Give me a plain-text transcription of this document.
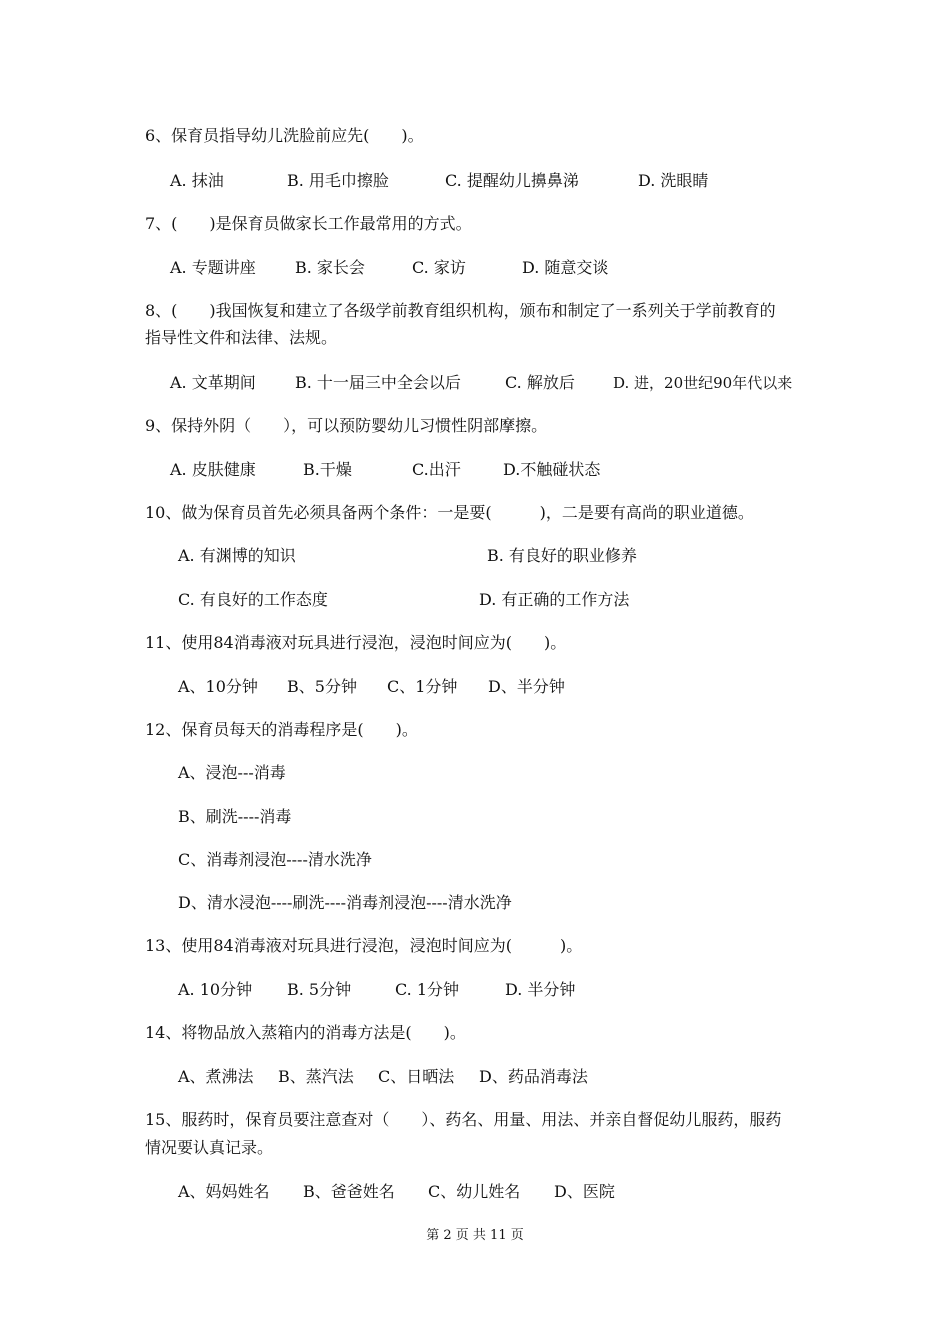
6、保育员指导幼儿洗脸前应先(　　)。
A. 抹油	B. 用毛巾擦脸	C. 提醒幼儿擤鼻涕	D. 洗眼睛
7、(　　)是保育员做家长工作最常用的方式。
A. 专题讲座 B. 家长会	C. 家访	D. 随意交谈
8、(　　)我国恢复和建立了各级学前教育组织机构，颁布和制定了一系列关于学前教育的
指导性文件和法律、法规。
A. 文革期间 B. 十一届三中全会以后	C. 解放后	D. 进，20世纪90年代以来
9、保持外阴（　　），可以预防婴幼儿习惯性阴部摩擦。
A. 皮肤健康	B.干燥	C.出汗	D.不触碰状态
10、做为保育员首先必须具备两个条件：一是要(　　　)，二是要有高尚的职业道德。
A. 有渊博的知识	B. 有良好的职业修养
C. 有良好的工作态度	D. 有正确的工作方法
11、使用84消毒液对玩具进行浸泡，浸泡时间应为(　　)。
A、10分钟 B、5分钟 C、1分钟 D、半分钟
12、保育员每天的消毒程序是(　　)。
A、浸泡---消毒
B、刷洗----消毒
C、消毒剂浸泡----清水洗净
D、清水浸泡----刷洗----消毒剂浸泡----清水洗净
13、使用84消毒液对玩具进行浸泡，浸泡时间应为(　　　)。
A. 10分钟 B. 5分钟	C. 1分钟	D. 半分钟
14、将物品放入蒸箱内的消毒方法是(　　)。
A、煮沸法 B、蒸汽法 C、日晒法 D、药品消毒法
15、服药时，保育员要注意查对（　　）、药名、用量、用法、并亲自督促幼儿服药，服药
情况要认真记录。
A、妈妈姓名 B、爸爸姓名 C、幼儿姓名 D、医院
第 2 页 共 11 页
